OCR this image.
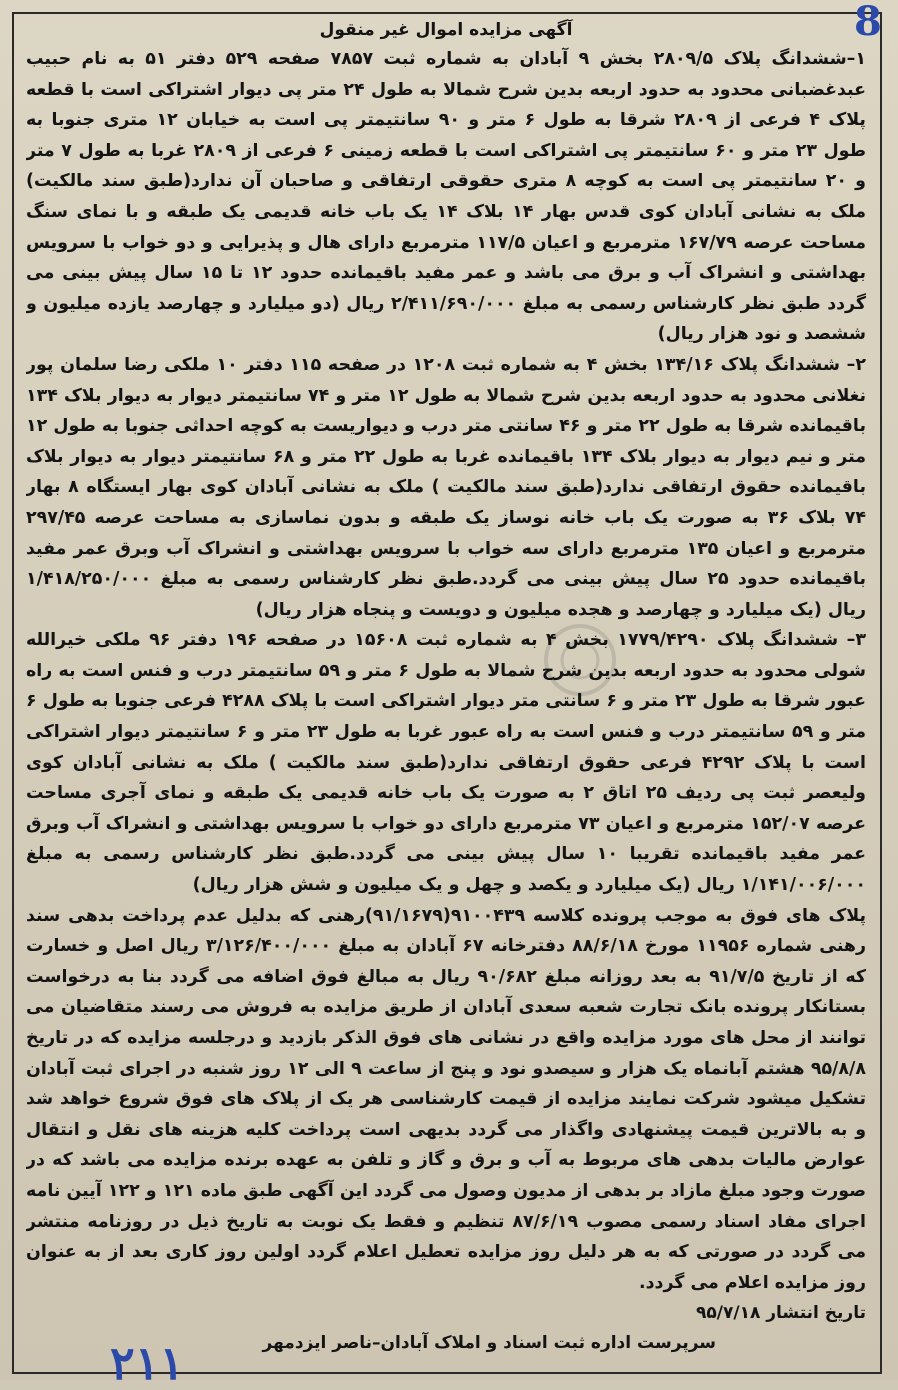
8
آگهی مزایده اموال غیر منقول

۱–ششدانگ پلاک ۲۸۰۹/۵ بخش ۹ آبادان به شماره ثبت ۷۸۵۷ صفحه ۵۲۹ دفتر ۵۱ به نام حبیب عبدغضبانی محدود به حدود اربعه بدین شرح شمالا به طول ۲۴ متر پی دیوار اشتراکی است با قطعه پلاک ۴ فرعی از ۲۸۰۹ شرقا به طول ۶ متر و ۹۰ سانتیمتر پی است به خیابان ۱۲ متری جنوبا به طول ۲۳ متر و ۶۰ سانتیمتر پی اشتراکی است با قطعه زمینی ۶ فرعی از ۲۸۰۹ غربا به طول ۷ متر و ۲۰ سانتیمتر پی است به کوچه ۸ متری حقوقی ارتفاقی و صاحبان آن ندارد(طبق سند مالکیت) ملک به نشانی آبادان کوی قدس بهار ۱۴ بلاک ۱۴ یک باب خانه قدیمی یک طبقه و با نمای سنگ مساحت عرصه ۱۶۷/۷۹ مترمربع و اعیان ۱۱۷/۵ مترمربع دارای هال و پذیرایی و دو خواب با سرویس بهداشتی و انشراک آب و برق می باشد و عمر مفید باقیمانده حدود ۱۲ تا ۱۵ سال پیش بینی می گردد طبق نظر کارشناس رسمی به مبلغ ۲/۴۱۱/۶۹۰/۰۰۰ ریال (دو میلیارد و چهارصد یازده میلیون و ششصد و نود هزار ریال)

۲– ششدانگ پلاک ۱۳۴/۱۶ بخش ۴ به شماره ثبت ۱۲۰۸ در صفحه ۱۱۵ دفتر ۱۰ ملکی رضا سلمان پور نغلانی محدود به حدود اربعه بدین شرح شمالا به طول ۱۲ متر و ۷۴ سانتیمتر دیوار به دیوار بلاک ۱۳۴ باقیمانده شرقا به طول ۲۲ متر و ۴۶ سانتی متر درب و دیواریست به کوچه احداثی جنوبا به طول ۱۲ متر و نیم دیوار به دیوار بلاک ۱۳۴ باقیمانده غربا به طول ۲۲ متر و ۶۸ سانتیمتر دیوار به دیوار بلاک باقیمانده حقوق ارتفاقی ندارد(طبق سند مالکیت ) ملک به نشانی آبادان کوی بهار ایستگاه ۸ بهار ۷۴ بلاک ۳۶ به صورت یک باب خانه نوساز یک طبقه و بدون نماسازی به مساحت عرصه ۲۹۷/۴۵ مترمربع و اعیان ۱۳۵ مترمربع دارای سه خواب با سرویس بهداشتی و انشراک آب وبرق عمر مفید باقیمانده حدود ۲۵ سال پیش بینی می گردد.طبق نظر کارشناس رسمی به مبلغ ۱/۴۱۸/۲۵۰/۰۰۰ ریال (یک میلیارد و چهارصد و هجده میلیون و دویست و پنجاه هزار ریال)

۳– ششدانگ پلاک ۱۷۷۹/۴۲۹۰ بخش ۴ به شماره ثبت ۱۵۶۰۸ در صفحه ۱۹۶ دفتر ۹۶ ملکی خیرالله شولی محدود به حدود اربعه بدین شرح شمالا به طول ۶ متر و ۵۹ سانتیمتر درب و فنس است به راه عبور شرقا به طول ۲۳ متر و ۶ سانتی متر دیوار اشتراکی است با پلاک ۴۲۸۸ فرعی جنوبا به طول ۶ متر و ۵۹ سانتیمتر درب و فنس است به راه عبور غربا به طول ۲۳ متر و ۶ سانتیمتر دیوار اشتراکی است با پلاک ۴۲۹۲ فرعی حقوق ارتفاقی ندارد(طبق سند مالکیت ) ملک به نشانی آبادان کوی ولیعصر ثبت پی ردیف ۲۵ اتاق ۲ به صورت یک باب خانه قدیمی یک طبقه و نمای آجری مساحت عرصه ۱۵۲/۰۷ مترمربع و اعیان ۷۳ مترمربع دارای دو خواب با سرویس بهداشتی و انشراک آب وبرق عمر مفید باقیمانده تقریبا ۱۰ سال پیش بینی می گردد.طبق نظر کارشناس رسمی به مبلغ ۱/۱۴۱/۰۰۶/۰۰۰ ریال (یک میلیارد و یکصد و چهل و یک میلیون و شش هزار ریال)

پلاک های فوق به موجب پرونده کلاسه ۹۱۰۰۴۳۹(۹۱/۱۶۷۹)رهنی که بدلیل عدم پرداخت بدهی سند رهنی شماره ۱۱۹۵۶ مورخ ۸۸/۶/۱۸ دفترخانه ۶۷ آبادان به مبلغ ۳/۱۲۶/۴۰۰/۰۰۰ ریال اصل و خسارت که از تاریخ ۹۱/۷/۵ به بعد روزانه مبلغ ۹۰/۶۸۲ ریال به مبالغ فوق اضافه می گردد بنا به درخواست بستانکار پرونده بانک تجارت شعبه سعدی آبادان از طریق مزایده به فروش می رسند متقاضیان می توانند از محل های مورد مزایده واقع در نشانی های فوق الذکر بازدید و درجلسه مزایده که در تاریخ ۹۵/۸/۸ هشتم آبانماه یک هزار و سیصدو نود و پنج از ساعت ۹ الی ۱۲ روز شنبه در اجرای ثبت آبادان تشکیل میشود شرکت نمایند مزایده از قیمت کارشناسی هر یک از پلاک های فوق شروع خواهد شد و به بالاترین قیمت پیشنهادی واگذار می گردد بدیهی است پرداخت کلیه هزینه های نقل و انتقال عوارض مالیات بدهی های مربوط به آب و برق و گاز و تلفن به عهده برنده مزایده می باشد که در صورت وجود مبلغ مازاد بر بدهی از مدیون وصول می گردد این آگهی طبق ماده ۱۲۱ و ۱۲۲ آیین نامه اجرای مفاد اسناد رسمی مصوب ۸۷/۶/۱۹ تنظیم و فقط یک نوبت به تاریخ ذیل در روزنامه منتشر می گردد در صورتی که به هر دلیل روز مزایده تعطیل اعلام گردد اولین روز کاری بعد از به عنوان روز مزایده اعلام می گردد.

تاریخ انتشار ۹۵/۷/۱۸

سرپرست اداره ثبت اسناد و املاک آبادان–ناصر ایزدمهر

۲۱۱
